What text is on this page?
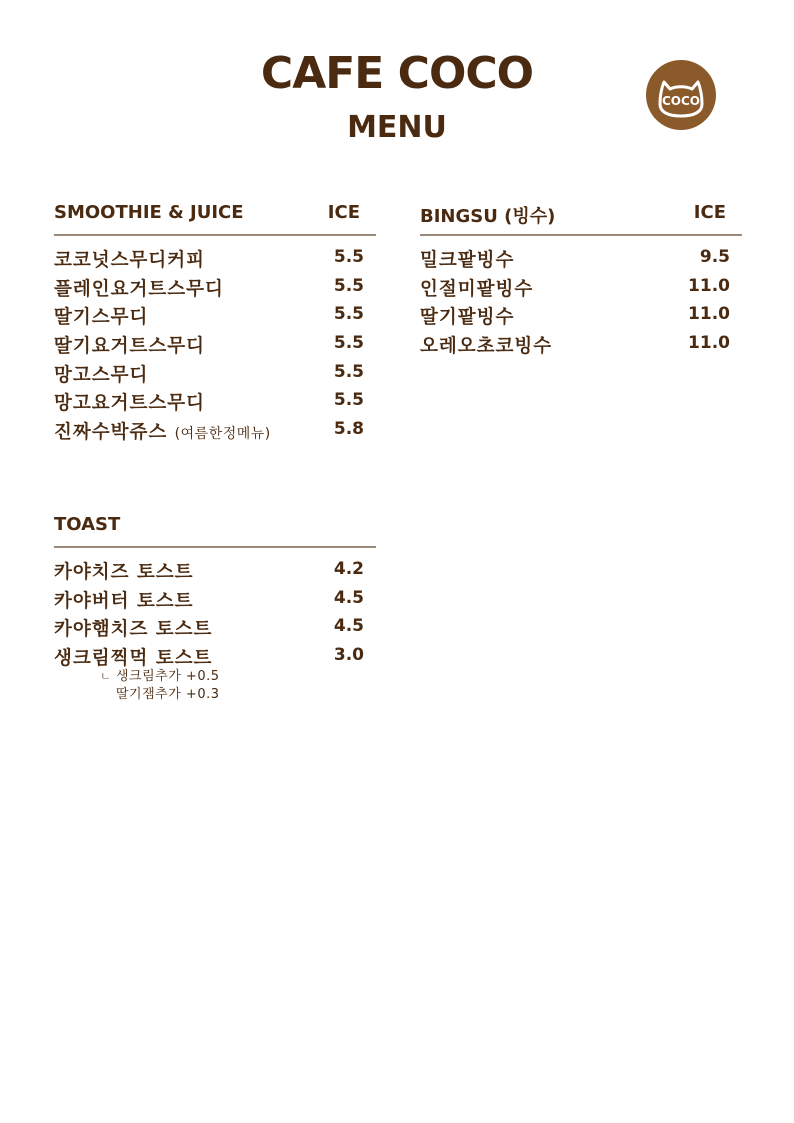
CAFE COCO
MENU
COCO
SMOOTHIE & JUICE	ICE
코코넛스무디커피	5.5
플레인요거트스무디	5.5
딸기스무디	5.5
딸기요거트스무디	5.5
망고스무디	5.5
망고요거트스무디	5.5
진짜수박쥬스 (여름한정메뉴)	5.8
BINGSU (빙수)	ICE
밀크팥빙수	9.5
인절미팥빙수	11.0
딸기팥빙수	11.0
오레오초코빙수	11.0
TOAST
카야치즈 토스트	4.2
카야버터 토스트	4.5
카야햄치즈 토스트	4.5
생크림찍먹 토스트	3.0
ㄴ 생크림추가 +0.5
딸기잼추가 +0.3
